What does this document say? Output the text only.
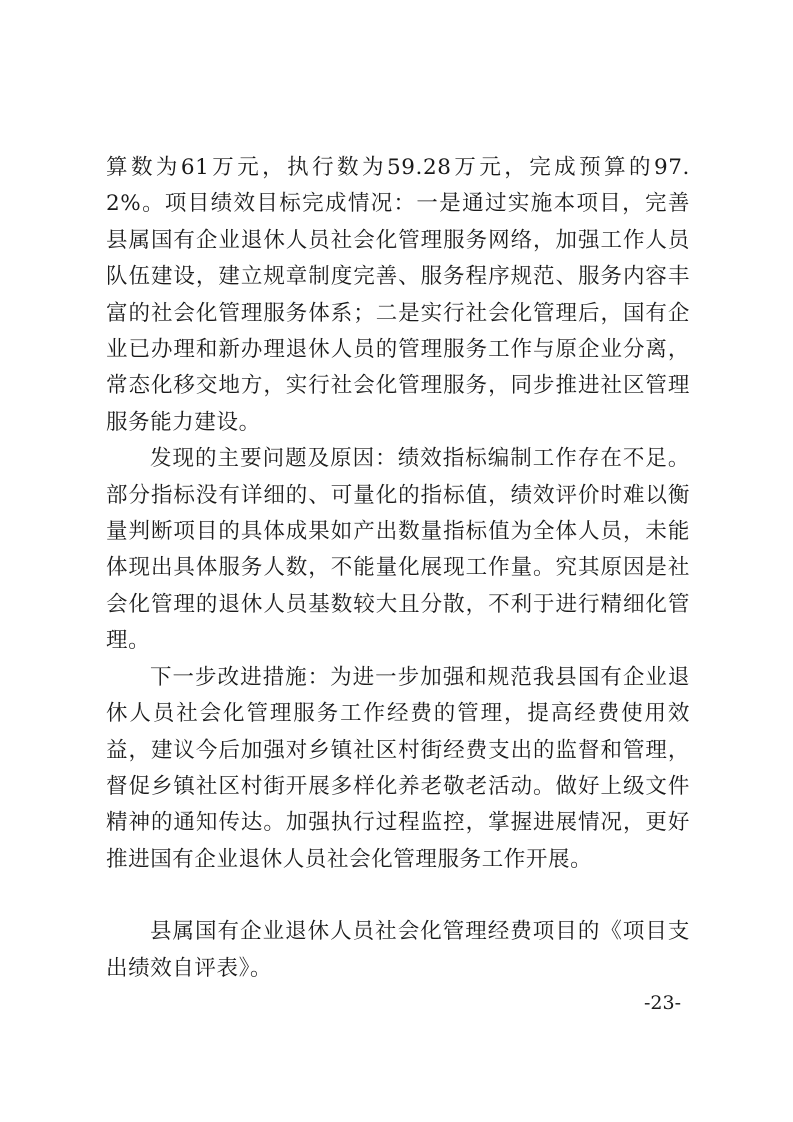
算数为61万元，执行数为59.28万元，完成预算的97.2%。项目绩效目标完成情况：一是通过实施本项目，完善县属国有企业退休人员社会化管理服务网络，加强工作人员队伍建设，建立规章制度完善、服务程序规范、服务内容丰富的社会化管理服务体系；二是实行社会化管理后，国有企业已办理和新办理退休人员的管理服务工作与原企业分离，常态化移交地方，实行社会化管理服务，同步推进社区管理服务能力建设。

发现的主要问题及原因：绩效指标编制工作存在不足。部分指标没有详细的、可量化的指标值，绩效评价时难以衡量判断项目的具体成果如产出数量指标值为全体人员，未能体现出具体服务人数，不能量化展现工作量。究其原因是社会化管理的退休人员基数较大且分散，不利于进行精细化管理。

下一步改进措施：为进一步加强和规范我县国有企业退休人员社会化管理服务工作经费的管理，提高经费使用效益，建议今后加强对乡镇社区村街经费支出的监督和管理，督促乡镇社区村街开展多样化养老敬老活动。做好上级文件精神的通知传达。加强执行过程监控，掌握进展情况，更好推进国有企业退休人员社会化管理服务工作开展。

县属国有企业退休人员社会化管理经费项目的《项目支出绩效自评表》。

-23-
